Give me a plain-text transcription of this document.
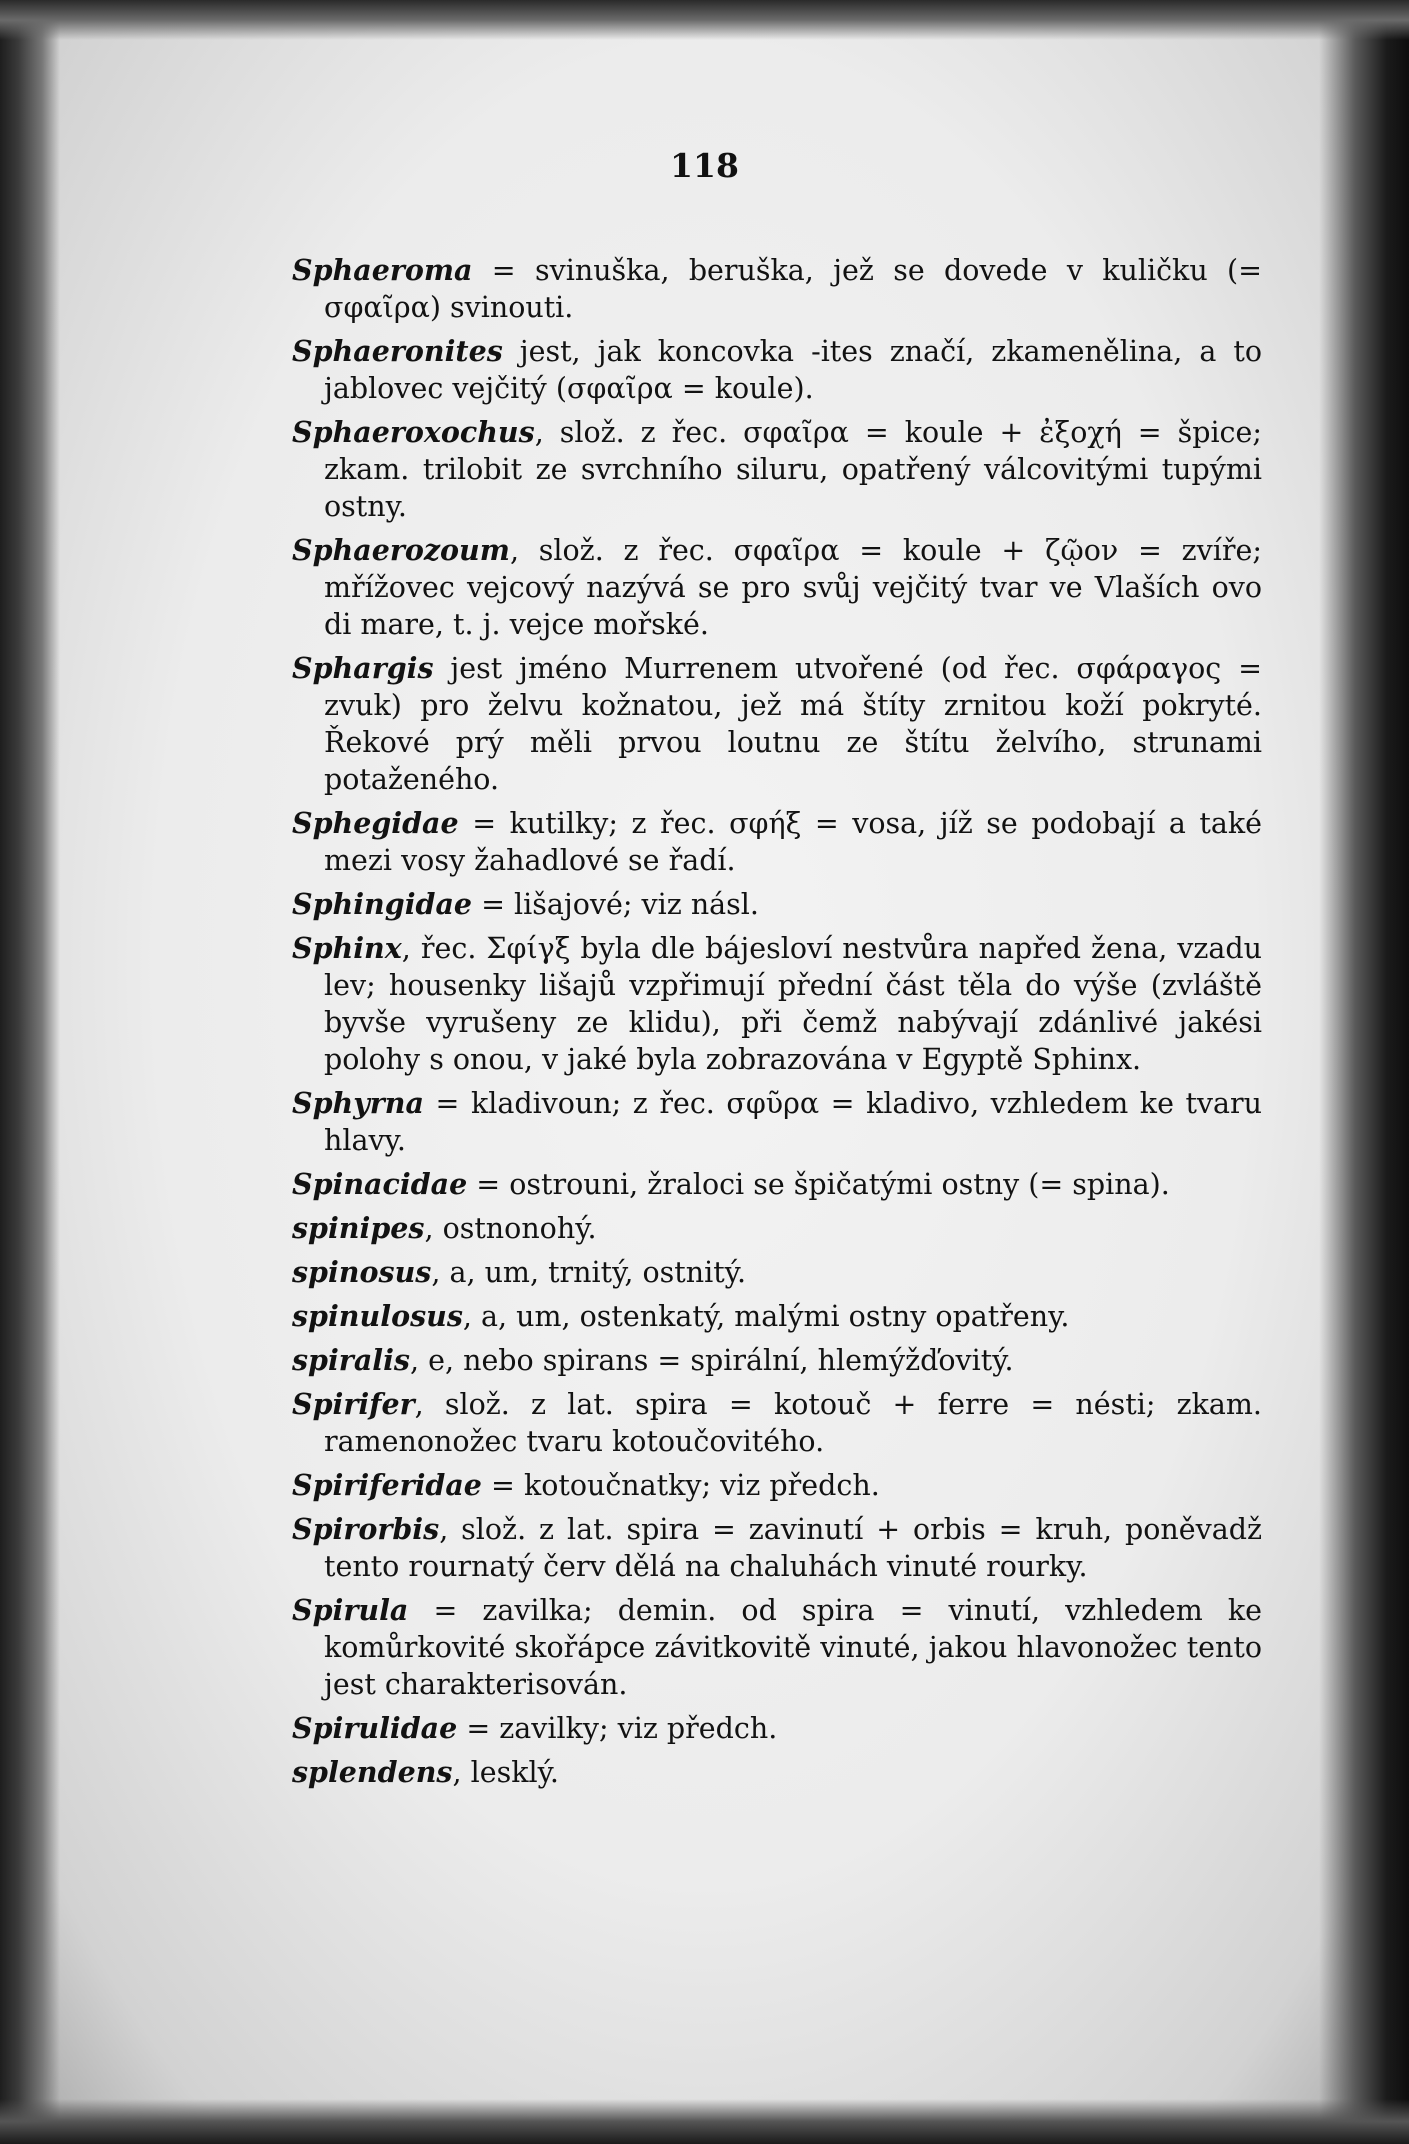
118

Sphaeroma = svinuška, beruška, jež se dovede v kuličku (= σφαῖρα) svinouti.

Sphaeronites jest, jak koncovka -ites značí, zkamenělina, a to jablovec vejčitý (σφαῖρα = koule).

Sphaeroxochus, slož. z řec. σφαῖρα = koule + ἐξοχή = špice; zkam. trilobit ze svrchního siluru, opatřený válcovitými tupými ostny.

Sphaerozoum, slož. z řec. σφαῖρα = koule + ζῷον = zvíře; mřížovec vejcový nazývá se pro svůj vejčitý tvar ve Vlaších ovo di mare, t. j. vejce mořské.

Sphargis jest jméno Murrenem utvořené (od řec. σφάραγος = zvuk) pro želvu kožnatou, jež má štíty zrnitou koží pokryté. Řekové prý měli prvou loutnu ze štítu želvího, strunami potaženého.

Sphegidae = kutilky; z řec. σφήξ = vosa, jíž se podobají a také mezi vosy žahadlové se řadí.

Sphingidae = lišajové; viz násl.

Sphinx, řec. Σφίγξ byla dle bájesloví nestvůra napřed žena, vzadu lev; housenky lišajů vzpřimují přední část těla do výše (zvláště byvše vyrušeny ze klidu), při čemž nabývají zdánlivé jakési polohy s onou, v jaké byla zobrazována v Egyptě Sphinx.

Sphyrna = kladivoun; z řec. σφῦρα = kladivo, vzhledem ke tvaru hlavy.

Spinacidae = ostrouni, žraloci se špičatými ostny (= spina).

spinipes, ostnonohý.

spinosus, a, um, trnitý, ostnitý.

spinulosus, a, um, ostenkatý, malými ostny opatřeny.

spiralis, e, nebo spirans = spirální, hlemýžďovitý.

Spirifer, slož. z lat. spira = kotouč + ferre = nésti; zkam. ramenonožec tvaru kotoučovitého.

Spiriferidae = kotoučnatky; viz předch.

Spirorbis, slož. z lat. spira = zavinutí + orbis = kruh, poněvadž tento rournatý červ dělá na chaluhách vinuté rourky.

Spirula = zavilka; demin. od spira = vinutí, vzhledem ke komůrkovité skořápce závitkovitě vinuté, jakou hlavonožec tento jest charakterisován.

Spirulidae = zavilky; viz předch.

splendens, lesklý.
